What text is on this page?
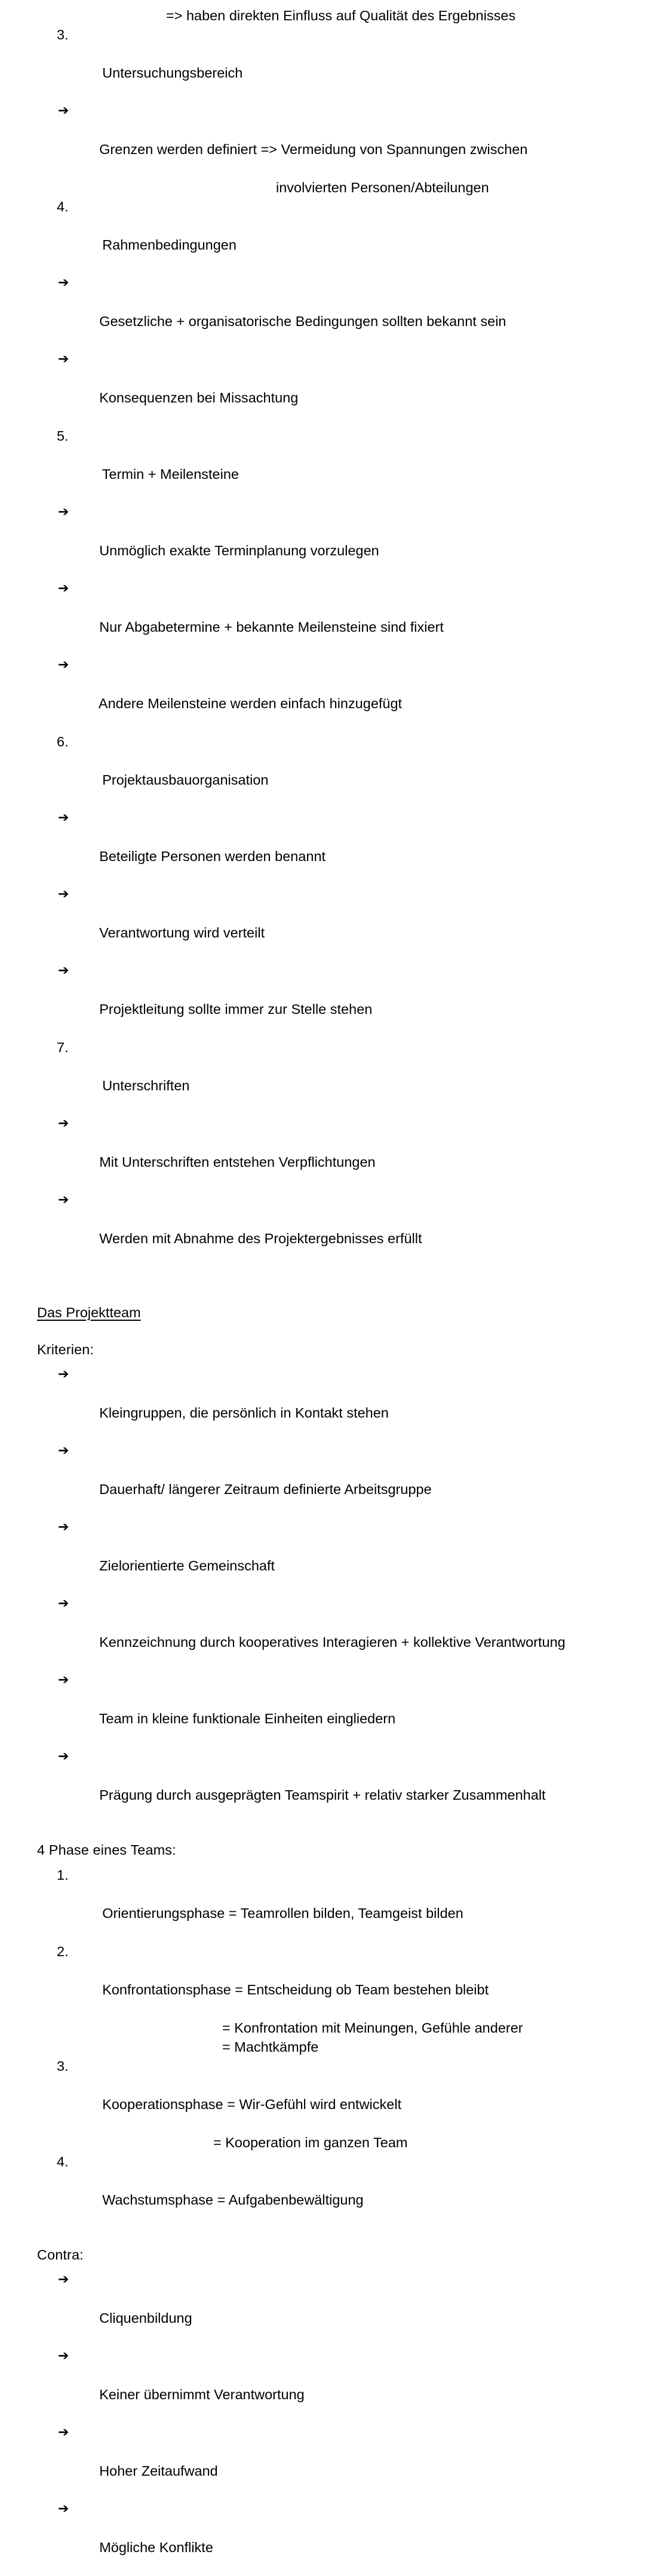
=> haben direkten Einfluss auf Qualität des Ergebnisses

3.

Untersuchungsbereich

➔

Grenzen werden definiert => Vermeidung von Spannungen zwischen

involvierten Personen/Abteilungen

4.

Rahmenbedingungen

➔

Gesetzliche + organisatorische Bedingungen sollten bekannt sein

➔

Konsequenzen bei Missachtung

5.

Termin + Meilensteine

➔

Unmöglich exakte Terminplanung vorzulegen

➔

Nur Abgabetermine + bekannte Meilensteine sind fixiert

➔

Andere Meilensteine werden einfach hinzugefügt

6.

Projektausbauorganisation

➔

Beteiligte Personen werden benannt

➔

Verantwortung wird verteilt

➔

Projektleitung sollte immer zur Stelle stehen

7.

Unterschriften

➔

Mit Unterschriften entstehen Verpflichtungen

➔

Werden mit Abnahme des Projektergebnisses erfüllt

Das Projektteam
Kriterien:

➔

Kleingruppen, die persönlich in Kontakt stehen

➔

Dauerhaft/ längerer Zeitraum definierte Arbeitsgruppe

➔

Zielorientierte Gemeinschaft

➔

Kennzeichnung durch kooperatives Interagieren + kollektive Verantwortung

➔

Team in kleine funktionale Einheiten eingliedern

➔

Prägung durch ausgeprägten Teamspirit + relativ starker Zusammenhalt

4 Phase eines Teams:

1.

Orientierungsphase = Teamrollen bilden, Teamgeist bilden

2.

Konfrontationsphase = Entscheidung ob Team bestehen bleibt

= Konfrontation mit Meinungen, Gefühle anderer
= Machtkämpfe

3.

Kooperationsphase = Wir-Gefühl wird entwickelt

= Kooperation im ganzen Team

4.

Wachstumsphase = Aufgabenbewältigung

Contra:

➔

Cliquenbildung

➔

Keiner übernimmt Verantwortung

➔

Hoher Zeitaufwand

➔

Mögliche Konflikte
